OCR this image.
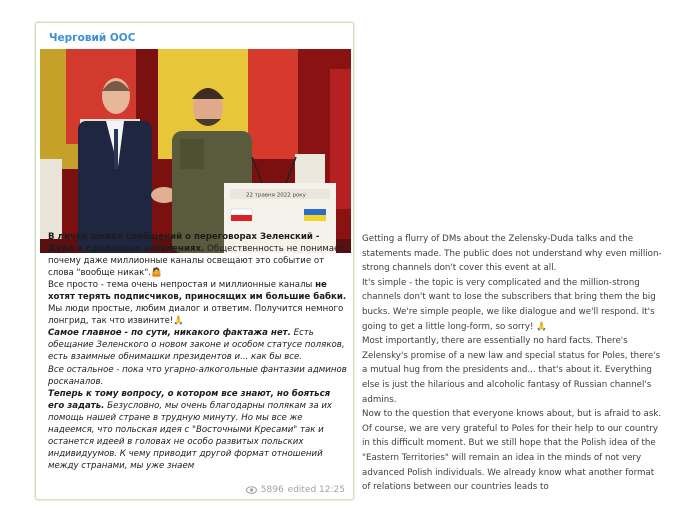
Черговий ООС
22 травня 2022 року

В личке шквал сообщений о переговорах Зеленский - Дуда и сделанных заявлениях. Общественность не понимает, почему даже миллионные каналы освещают это событие от слова "вообще никак".🤷

Все просто - тема очень непростая и миллионные каналы не хотят терять подписчиков, приносящих им большие бабки. Мы люди простые, любим диалог и ответим. Получится немного лонгрид, так что извините!🙏

Самое главное - по сути, никакого фактажа нет. Есть обещание Зеленского о новом законе и особом статусе поляков, есть взаимные обнимашки президентов и... как бы все.

Все остальное - пока что угарно-алкогольные фантазии админов росканалов.

Теперь к тому вопросу, о котором все знают, но бояться его задать. Безусловно, мы очень благодарны полякам за их помощь нашей стране в трудную минуту. Но мы все же надеемся, что польская идея с "Восточными Кресами" так и останется идеей в головах не особо развитых польских индивидуумов. К чему приводит другой формат отношений между странами, мы уже знаем

5896 edited 12:25

Getting a flurry of DMs about the Zelensky-Duda talks and the statements made. The public does not understand why even million-strong channels don't cover this event at all.

It's simple - the topic is very complicated and the million-strong channels don't want to lose the subscribers that bring them the big bucks. We're simple people, we like dialogue and we'll respond. It's going to get a little long-form, so sorry! 🙏

Most importantly, there are essentially no hard facts. There's Zelensky's promise of a new law and special status for Poles, there's a mutual hug from the presidents and... that's about it. Everything else is just the hilarious and alcoholic fantasy of Russian channel's admins.

Now to the question that everyone knows about, but is afraid to ask. Of course, we are very grateful to Poles for their help to our country in this difficult moment. But we still hope that the Polish idea of the "Eastern Territories" will remain an idea in the minds of not very advanced Polish individuals. We already know what another format of relations between our countries leads to
